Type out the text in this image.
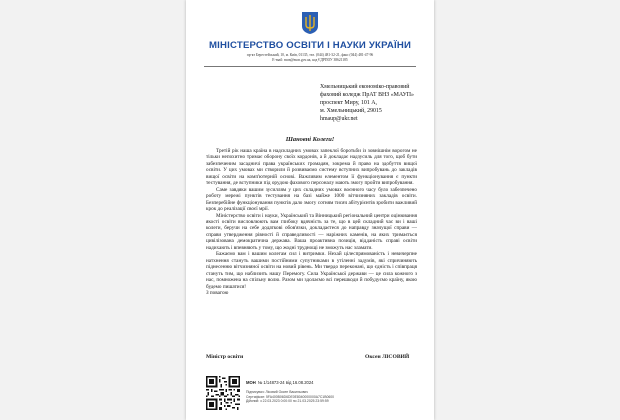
МІНІСТЕРСТВО ОСВІТИ І НАУКИ УКРАЇНИ
пр-кт Берестейський, 10, м. Київ, 01135, тел. (044) 481-32-21, факс (044) 481-47-96
E-mail: mon@mon.gov.ua, код ЄДРПОУ 38621185
Хмельницький економіко-правовий
фаховий коледж ПрАТ ВНЗ «МАУП»
проспект Миру, 101 А,
м. Хмельницький, 29015
hmaup@ukr.net
Шановні Колеги!

Третій рік наша країна в надскладних умовах запеклої боротьби із зовнішнім ворогом не тільки непохитно тримає оборону своїх кордонів, а й докладає надзусиль для того, щоб бути забезпеченим засадничі права українських громадян, зокрема й право на здобуття вищої освіти. У цих умовах ми створили й розвиваємо систему вступних випробувань до закладів вищої освіти на комп'ютерній основі. Важливим елементом її функціонування є пункти тестування, де вступники під орудою фахового персоналу мають змогу пройти випробування.

Саме завдяки вашим зусиллям у цих складних умовах воєнного часу було забезпечено роботу мережі пунктів тестування на базі майже 1000 вітчизняних закладів освіти. Безперебійне функціонування пунктів дало змогу сотням тисяч абітурієнтів зробити важливий крок до реалізації своєї мрії.

Міністерство освіти і науки, Український та Вінницький регіональний центри оцінювання якості освіти висловлюють вам глибоку вдячність за те, що в цей складний час ви і ваші колеги, беручи на себе додаткові обов'язки, докладаєтеся до направду значущої справи — справи утвердження рівності й справедливості — наріжних каменів, на яких тримається цивілізована демократична держава. Ваша проактивна позиція, відданість справі освіти надихають і впевняють у тому, що жодні труднощі не зможуть нас зламати.

Бажаємо вам і вашим колегам сил і витримки. Нехай цілеспрямованість і невичерпне натхнення стануть вашими постійними супутниками в утіленні задумів, які спричиняють піднесенню вітчизняної освіти на новий рівень. Ми твердо переконані, що єдність і співпраця стануть тим, що наблизить нашу Перемогу. Сила Української держави — це сила кожного з нас, помножена на спільну волю. Разом ми здолаємо всі перешкоди й побудуємо країну, якою будемо пишатися!

З повагою
Міністр освіти	Оксен ЛІСОВИЙ
МОН № 1/14873-24 від 16.08.2024
Підписувач: Лісовий Оксен Васильович
Сертифікат: 5FA400B06D6DE0E8040000000A7C1B0600
Дійсний: з 22.03.2023 0:00:00 по 21.03.2025 23:59:59
